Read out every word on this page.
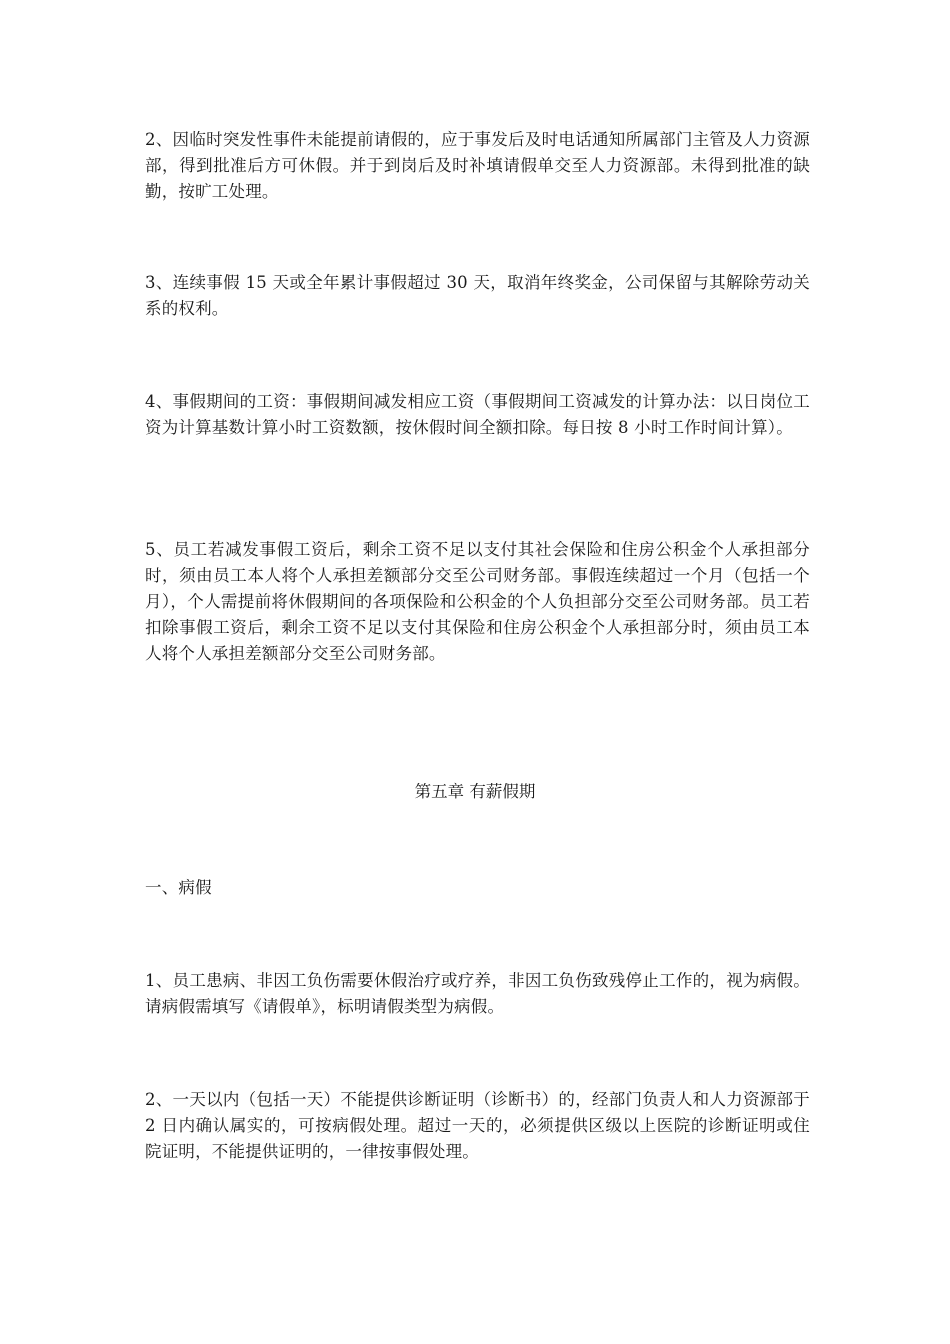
2、因临时突发性事件未能提前请假的，应于事发后及时电话通知所属部门主管及人力资源部，得到批准后方可休假。并于到岗后及时补填请假单交至人力资源部。未得到批准的缺勤，按旷工处理。

3、连续事假 15 天或全年累计事假超过 30 天，取消年终奖金，公司保留与其解除劳动关系的权利。

4、事假期间的工资：事假期间减发相应工资（事假期间工资减发的计算办法：以日岗位工资为计算基数计算小时工资数额，按休假时间全额扣除。每日按 8 小时工作时间计算）。

5、员工若减发事假工资后，剩余工资不足以支付其社会保险和住房公积金个人承担部分时，须由员工本人将个人承担差额部分交至公司财务部。事假连续超过一个月（包括一个月），个人需提前将休假期间的各项保险和公积金的个人负担部分交至公司财务部。员工若扣除事假工资后，剩余工资不足以支付其保险和住房公积金个人承担部分时，须由员工本人将个人承担差额部分交至公司财务部。

第五章 有薪假期

一、病假

1、员工患病、非因工负伤需要休假治疗或疗养，非因工负伤致残停止工作的，视为病假。请病假需填写《请假单》，标明请假类型为病假。

2、一天以内（包括一天）不能提供诊断证明（诊断书）的，经部门负责人和人力资源部于 2 日内确认属实的，可按病假处理。超过一天的，必须提供区级以上医院的诊断证明或住院证明，不能提供证明的，一律按事假处理。
